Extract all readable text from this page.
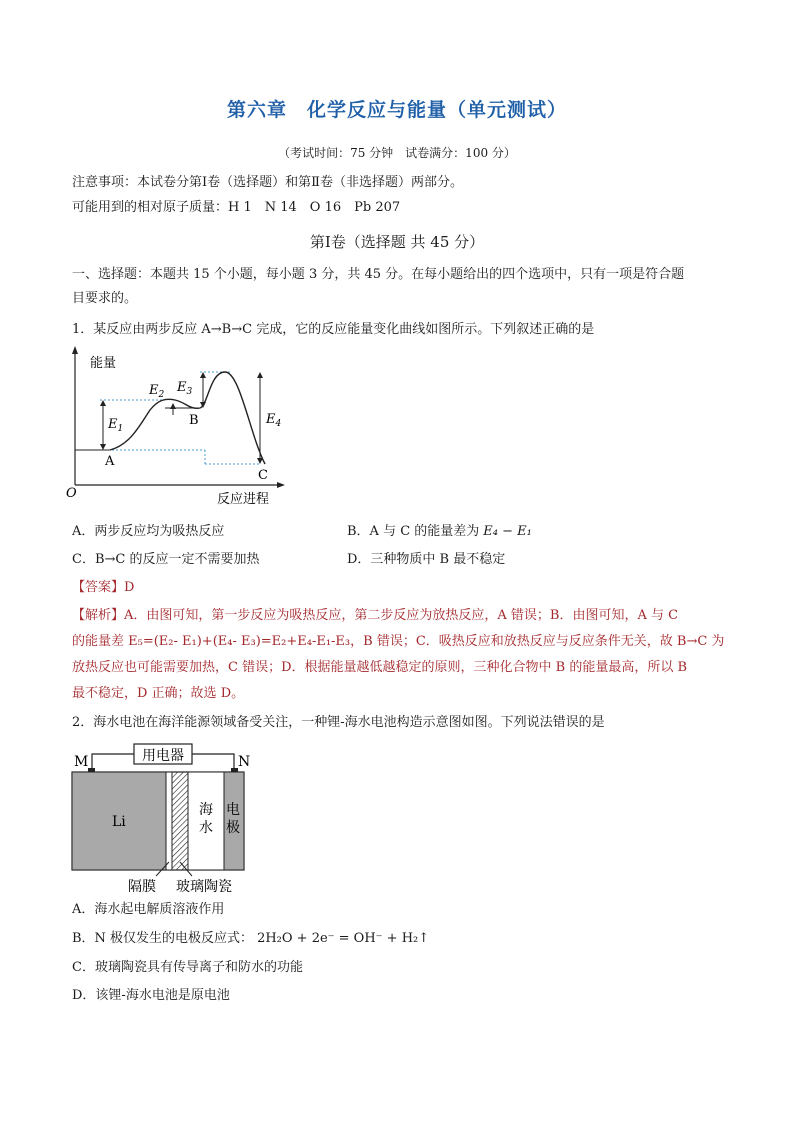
第六章　化学反应与能量（单元测试）
（考试时间：75 分钟　试卷满分：100 分）
注意事项：本试卷分第Ⅰ卷（选择题）和第Ⅱ卷（非选择题）两部分。
可能用到的相对原子质量：H 1　N 14　O 16　Pb 207
第Ⅰ卷（选择题 共 45 分）
一、选择题：本题共 15 个小题，每小题 3 分，共 45 分。在每小题给出的四个选项中，只有一项是符合题
目要求的。
1．某反应由两步反应 A→B→C 完成，它的反应能量变化曲线如图所示。下列叙述正确的是
能量
反应进程
O
A
B
C
$E_1$
$E_2$ $E_3$
$E_4$
A．两步反应均为吸热反应	B．A 与 C 的能量差为 E₄ − E₁
C．B→C 的反应一定不需要加热	D．三种物质中 B 最不稳定
【答案】D
【解析】A．由图可知，第一步反应为吸热反应，第二步反应为放热反应，A 错误；B．由图可知，A 与 C
的能量差 E₅=(E₂- E₁)+(E₄- E₃)=E₂+E₄-E₁-E₃，B 错误；C．吸热反应和放热反应与反应条件无关，故 B→C 为
放热反应也可能需要加热，C 错误；D．根据能量越低越稳定的原则，三种化合物中 B 的能量最高，所以 B
最不稳定，D 正确；故选 D。
2．海水电池在海洋能源领域备受关注，一种锂-海水电池构造示意图如图。下列说法错误的是
用电器
M	N
Li
海
水
电
极
隔膜 玻璃陶瓷
A．海水起电解质溶液作用
B．N 极仅发生的电极反应式： 2H₂O + 2e⁻ = OH⁻ + H₂↑
C．玻璃陶瓷具有传导离子和防水的功能
D．该锂-海水电池是原电池
